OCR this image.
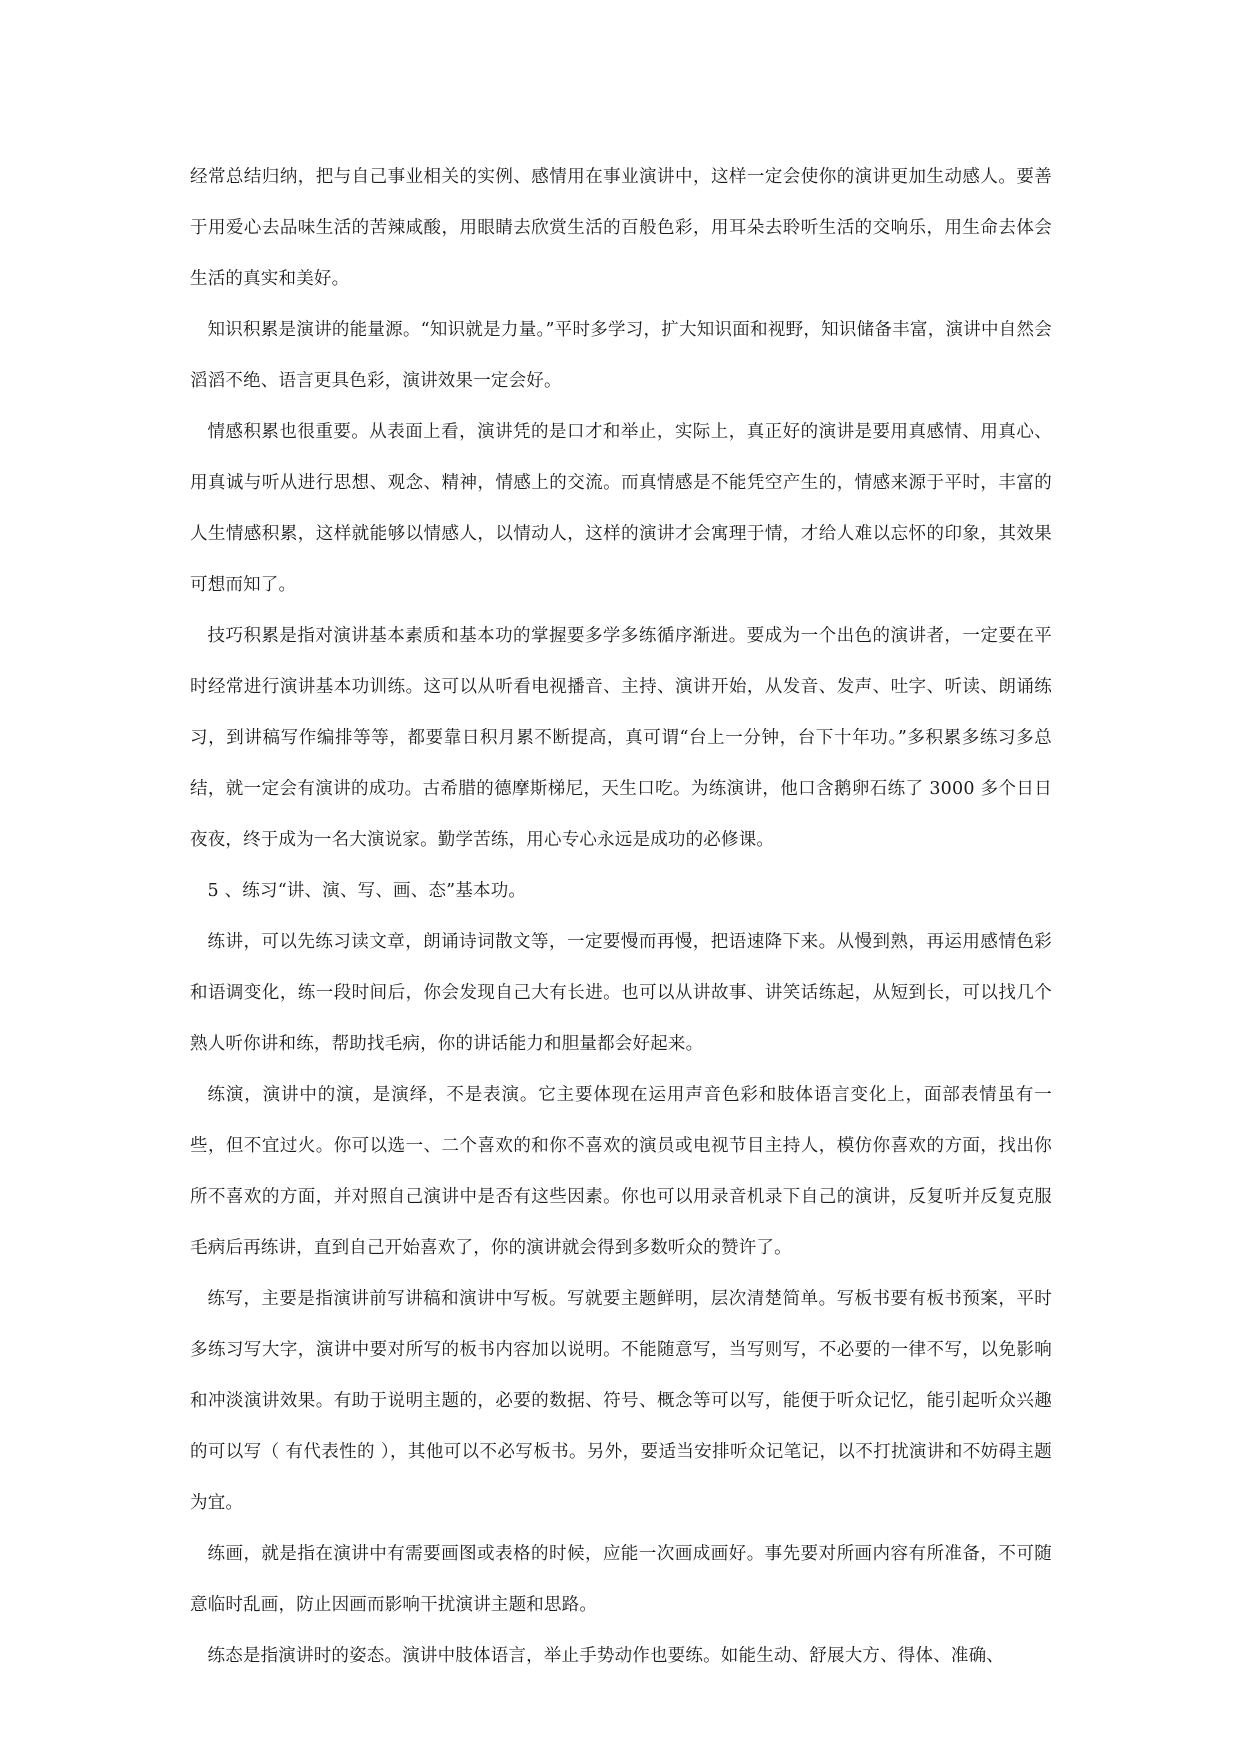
经常总结归纳，把与自己事业相关的实例、感情用在事业演讲中，这样一定会使你的演讲更加生动感人。要善于用爱心去品味生活的苦辣咸酸，用眼睛去欣赏生活的百般色彩，用耳朵去聆听生活的交响乐，用生命去体会生活的真实和美好。

知识积累是演讲的能量源。“知识就是力量。”平时多学习，扩大知识面和视野，知识储备丰富，演讲中自然会滔滔不绝、语言更具色彩，演讲效果一定会好。

情感积累也很重要。从表面上看，演讲凭的是口才和举止，实际上，真正好的演讲是要用真感情、用真心、用真诚与听从进行思想、观念、精神，情感上的交流。而真情感是不能凭空产生的，情感来源于平时，丰富的人生情感积累，这样就能够以情感人，以情动人，这样的演讲才会寓理于情，才给人难以忘怀的印象，其效果可想而知了。

技巧积累是指对演讲基本素质和基本功的掌握要多学多练循序渐进。要成为一个出色的演讲者，一定要在平时经常进行演讲基本功训练。这可以从听看电视播音、主持、演讲开始，从发音、发声、吐字、听读、朗诵练习，到讲稿写作编排等等，都要靠日积月累不断提高，真可谓“台上一分钟，台下十年功。”多积累多练习多总结，就一定会有演讲的成功。古希腊的德摩斯梯尼，天生口吃。为练演讲，他口含鹅卵石练了 3000 多个日日夜夜，终于成为一名大演说家。勤学苦练，用心专心永远是成功的必修课。

5 、练习“讲、演、写、画、态”基本功。

练讲，可以先练习读文章，朗诵诗词散文等，一定要慢而再慢，把语速降下来。从慢到熟，再运用感情色彩和语调变化，练一段时间后，你会发现自己大有长进。也可以从讲故事、讲笑话练起，从短到长，可以找几个熟人听你讲和练，帮助找毛病，你的讲话能力和胆量都会好起来。

练演，演讲中的演，是演绎，不是表演。它主要体现在运用声音色彩和肢体语言变化上，面部表情虽有一些，但不宜过火。你可以选一、二个喜欢的和你不喜欢的演员或电视节目主持人，模仿你喜欢的方面，找出你所不喜欢的方面，并对照自己演讲中是否有这些因素。你也可以用录音机录下自己的演讲，反复听并反复克服毛病后再练讲，直到自己开始喜欢了，你的演讲就会得到多数听众的赞许了。

练写，主要是指演讲前写讲稿和演讲中写板。写就要主题鲜明，层次清楚简单。写板书要有板书预案，平时多练习写大字，演讲中要对所写的板书内容加以说明。不能随意写，当写则写，不必要的一律不写，以免影响和冲淡演讲效果。有助于说明主题的，必要的数据、符号、概念等可以写，能便于听众记忆，能引起听众兴趣的可以写（ 有代表性的 ），其他可以不必写板书。另外，要适当安排听众记笔记，以不打扰演讲和不妨碍主题为宜。

练画，就是指在演讲中有需要画图或表格的时候，应能一次画成画好。事先要对所画内容有所准备，不可随意临时乱画，防止因画而影响干扰演讲主题和思路。

练态是指演讲时的姿态。演讲中肢体语言，举止手势动作也要练。如能生动、舒展大方、得体、准确、
